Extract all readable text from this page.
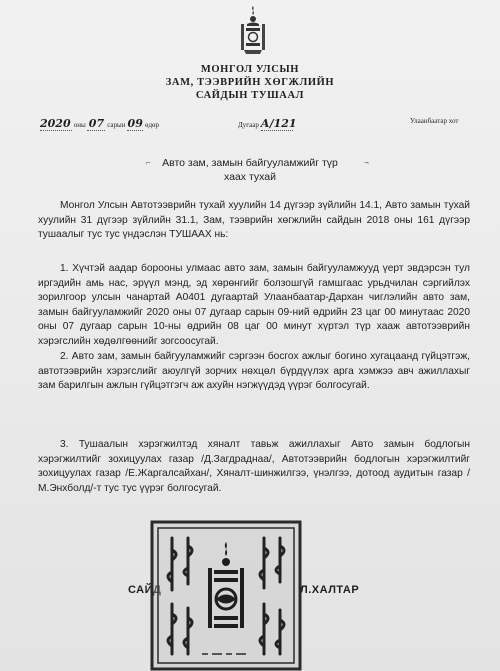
МОНГОЛ УЛСЫН
ЗАМ, ТЭЭВРИЙН ХӨГЖЛИЙН
САЙДЫН ТУШААЛ
2020 оны 07 сарын 09 өдөр	Дугаар А/121	Улаанбаатар хот
⌐	Авто зам, замын байгууламжийг түр	¬
хаах тухай
Монгол Улсын Автотээврийн тухай хуулийн 14 дүгээр зүйлийн 14.1, Авто замын тухай хуулийн 31 дүгээр зүйлийн 31.1, Зам, тээврийн хөгжлийн сайдын 2018 оны 161 дүгээр тушаалыг тус тус үндэслэн ТУШААХ нь:
1. Хүчтэй аадар борооны улмаас авто зам, замын байгууламжууд үерт эвдэрсэн тул иргэдийн амь нас, эрүүл мэнд, эд хөрөнгийг болзошгүй гамшгаас урьдчилан сэргийлэх зорилгоор улсын чанартай А0401 дугаартай Улаанбаатар-Дархан чиглэлийн авто зам, замын байгууламжийг 2020 оны 07 дугаар сарын 09-ний өдрийн 23 цаг 00 минутаас 2020 оны 07 дугаар сарын 10-ны өдрийн 08 цаг 00 минут хүртэл түр хааж автотээврийн хэрэгслийн хөдөлгөөнийг зогсоосугай.
2. Авто зам, замын байгууламжийг сэргээн босгох ажлыг богино хугацаанд гүйцэтгэж, автотээврийн хэрэгслийг аюулгүй зорчих нөхцөл бүрдүүлэх арга хэмжээ авч ажиллахыг зам барилгын ажлын гүйцэтгэгч аж ахуйн нэгжүүдэд үүрэг болгосугай.
3. Тушаалын хэрэгжилтэд хяналт тавьж ажиллахыг Авто замын бодлогын хэрэгжилтийг зохицуулах газар /Д.Загдраднаа/, Автотээврийн бодлогын хэрэгжилтийг зохицуулах газар /Е.Жаргалсайхан/, Хяналт-шинжилгээ, үнэлгээ, дотоод аудитын газар /М.Энхболд/-т тус тус үүрэг болгосугай.
САЙД	Л.ХАЛТАР
